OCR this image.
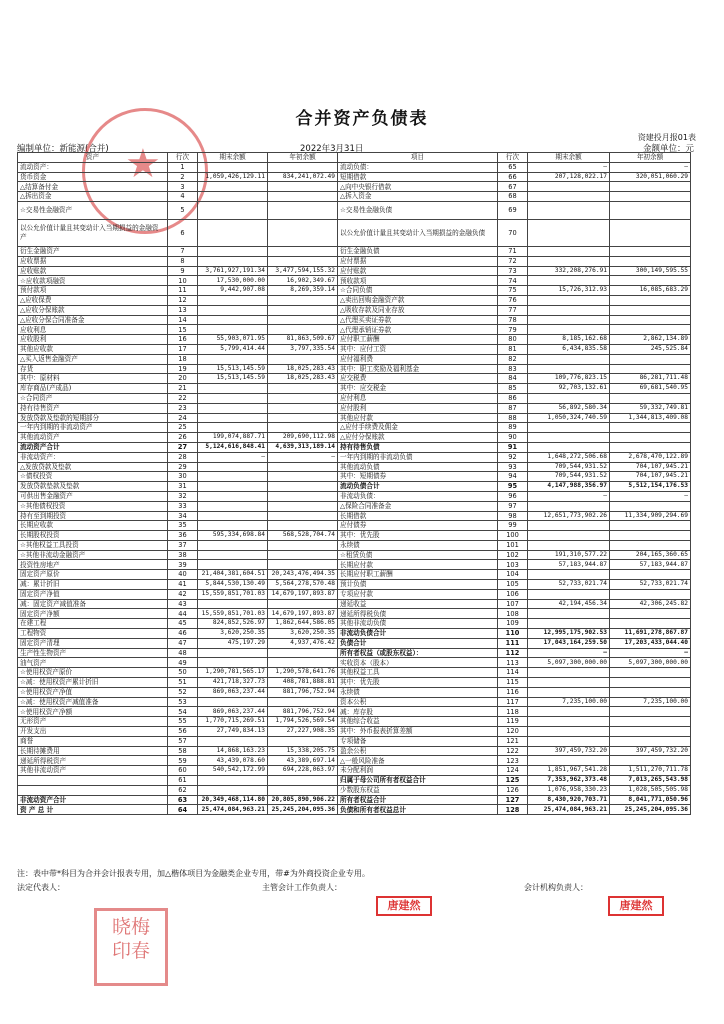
合并资产负债表
资建投月报01表
编制单位：新能源(合并)	2022年3月31日	金额单位：元
★
资产	行次	期末余额	年初余额	项目	行次	期末余额	年初余额
流动资产：	1			流动负债：	65	—	—
货币资金	2	1,059,426,129.11	834,241,072.49	短期借款	66	207,128,022.17	320,051,060.29
△结算备付金	3			△向中央银行借款	67		
△拆出资金	4			△拆入资金	68		
☆交易性金融资产	5			☆交易性金融负债	69		
以公允价值计量且其变动计入当期损益的金融资产	6			以公允价值计量且其变动计入当期损益的金融负债	70		
衍生金融资产	7			衍生金融负债	71		
应收票据	8			应付票据	72		
应收账款	9	3,761,927,191.34	3,477,594,155.32	应付账款	73	332,208,276.91	300,149,595.55
☆应收款项融资	10	17,530,000.00	16,902,349.67	预收款项	74		
预付款项	11	9,442,907.08	8,269,359.14	☆合同负债	75	15,726,312.93	16,085,683.29
△应收保费	12			△卖出回购金融资产款	76		
△应收分保账款	13			△吸收存款及同业存放	77		
△应收分保合同准备金	14			△代理买卖证券款	78		
应收利息	15			△代理承销证券款	79		
应收股利	16	55,903,071.95	81,863,509.67	应付职工薪酬	80	8,185,162.68	2,862,134.89
其他应收款	17	5,799,414.44	3,797,335.54	其中：应付工资	81	6,434,835.58	245,525.84
△买入返售金融资产	18			应付福利费	82		
存货	19	15,513,145.59	18,025,283.43	其中：职工奖励及福利基金	83		
其中：原材料	20	15,513,145.59	18,025,283.43	应交税费	84	109,776,823.15	86,281,711.48
库存商品(产成品)	21			其中：应交税金	85	92,703,132.61	69,681,540.95
☆合同资产	22			应付利息	86		
持有待售资产	23			应付股利	87	56,892,580.34	59,332,749.81
发放贷款及垫款的短期部分	24			其他应付款	88	1,050,324,740.59	1,344,813,409.08
一年内到期的非流动资产	25			△应付手续费及佣金	89		
其他流动资产	26	199,074,887.71	209,690,112.98	△应付分保账款	90		
流动资产合计	27	5,124,616,848.41	4,639,313,189.14	持有待售负债	91		
非流动资产：	28	—	—	一年内到期的非流动负债	92	1,648,272,506.68	2,678,470,122.89
△发放贷款及垫款	29			其他流动负债	93	709,544,931.52	704,107,945.21
☆债权投资	30			其中：短期债券	94	709,544,931.52	704,107,945.21
发放贷款垫款及垫款	31			流动负债合计	95	4,147,988,356.97	5,512,154,176.53
可供出售金融资产	32			非流动负债：	96	—	—
☆其他债权投资	33			△保险合同准备金	97		
持有至到期投资	34			长期借款	98	12,651,773,902.26	11,334,909,294.69
长期应收款	35			应付债券	99		
长期股权投资	36	595,334,698.84	568,528,704.74	其中：优先股	100		
☆其他权益工具投资	37			永续债	101		
☆其他非流动金融资产	38			☆租赁负债	102	191,310,577.22	204,165,360.65
投资性房地产	39			长期应付款	103	57,183,944.87	57,183,944.87
固定资产原价	40	21,404,381,604.51	20,243,476,494.35	长期应付职工薪酬	104		
减：累计折旧	41	5,844,530,130.49	5,564,278,570.48	预计负债	105	52,733,021.74	52,733,021.74
固定资产净值	42	15,559,851,701.03	14,679,197,893.87	专项应付款	106		
减：固定资产减值准备	43			递延收益	107	42,194,456.34	42,306,245.82
固定资产净额	44	15,559,851,701.03	14,679,197,893.87	递延所得税负债	108		
在建工程	45	824,852,526.97	1,862,644,586.05	其他非流动负债	109		
工程物资	46	3,620,250.35	3,620,250.35	非流动负债合计	110	12,995,175,902.53	11,691,278,867.87
固定资产清理	47	475,197.29	4,937,476.42	负债合计	111	17,043,164,259.50	17,203,433,044.40
生产性生物资产	48			所有者权益（或股东权益）：	112	—	—
油气资产	49			实收资本（股本）	113	5,097,300,000.00	5,097,300,000.00
☆使用权资产原价	50	1,290,781,565.17	1,290,578,641.76	其他权益工具	114		
☆减：使用权资产累计折旧	51	421,718,327.73	408,781,888.81	其中：优先股	115		
☆使用权资产净值	52	869,063,237.44	881,796,752.94	永续债	116		
☆减：使用权资产减值准备	53			资本公积	117	7,235,100.00	7,235,100.00
☆使用权资产净额	54	869,063,237.44	881,796,752.94	减：库存股	118		
无形资产	55	1,770,715,269.51	1,794,526,569.54	其他综合收益	119		
开发支出	56	27,749,834.13	27,227,908.35	其中：外币报表折算差额	120		
商誉	57			专项储备	121		
长期待摊费用	58	14,868,163.23	15,338,205.75	盈余公积	122	397,459,732.20	397,459,732.20
递延所得税资产	59	43,439,078.60	43,389,697.14	△一般风险准备	123		
其他非流动资产	60	540,542,172.99	694,228,063.97	未分配利润	124	1,851,967,541.28	1,511,270,711.78
	61			归属于母公司所有者权益合计	125	7,353,962,373.48	7,013,265,543.98
	62			少数股东权益	126	1,076,958,330.23	1,028,505,505.98
非流动资产合计	63	20,349,468,114.80	20,805,890,906.22	所有者权益合计	127	8,430,920,703.71	8,041,771,050.96
资 产 总 计	64	25,474,084,963.21	25,245,204,095.36	负债和所有者权益总计	128	25,474,084,963.21	25,245,204,095.36
注：表中带*科目为合并会计报表专用，加△楷体项目为金融类企业专用，带#为外商投资企业专用。
法定代表人：	主管会计工作负责人：	会计机构负责人：
唐建然	唐建然
晓梅印春
